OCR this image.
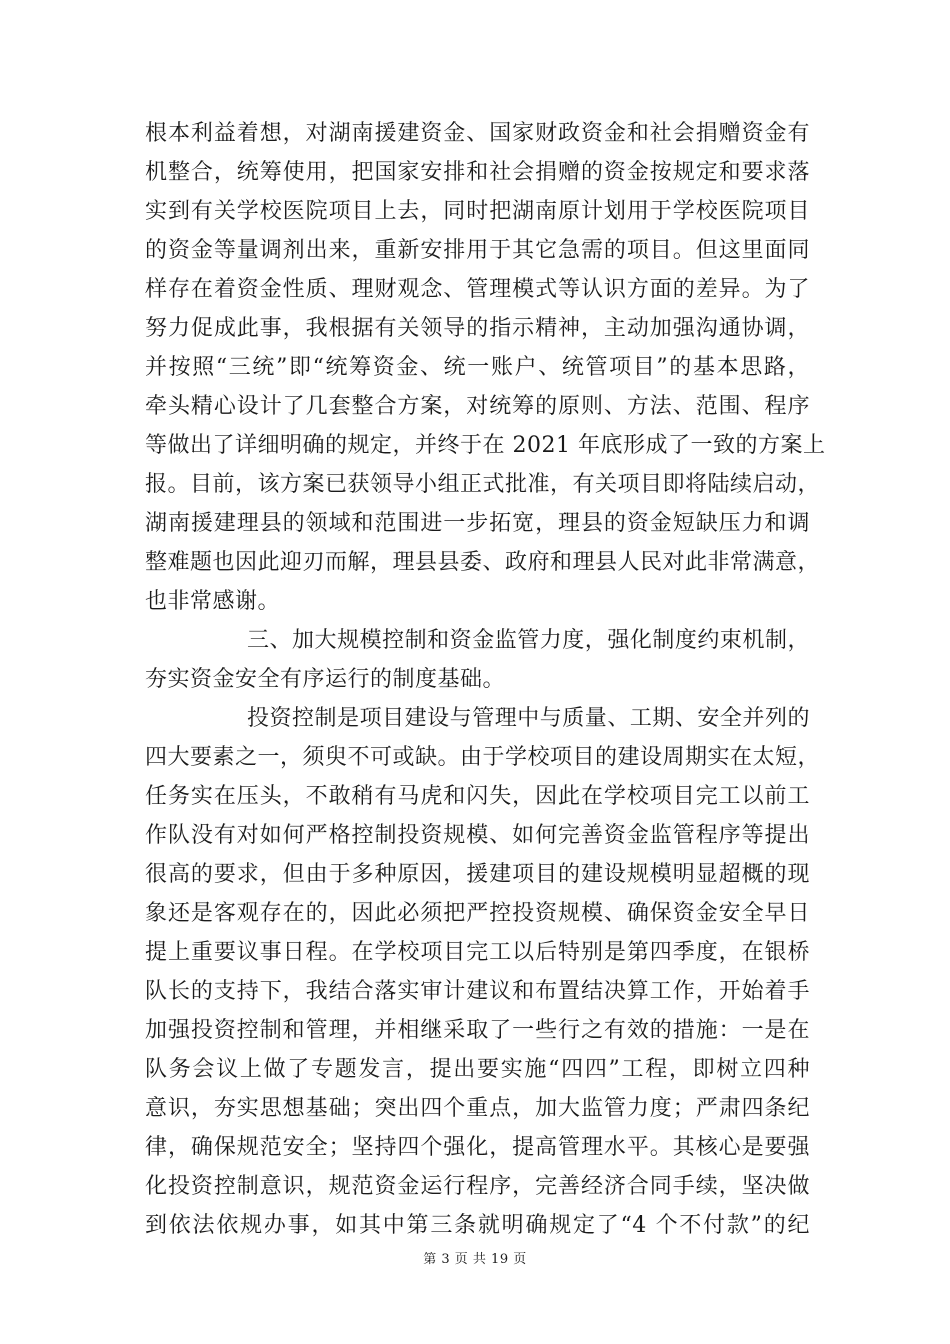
根本利益着想，对湖南援建资金、国家财政资金和社会捐赠资金有
机整合，统筹使用，把国家安排和社会捐赠的资金按规定和要求落
实到有关学校医院项目上去，同时把湖南原计划用于学校医院项目
的资金等量调剂出来，重新安排用于其它急需的项目。但这里面同
样存在着资金性质、理财观念、管理模式等认识方面的差异。为了
努力促成此事，我根据有关领导的指示精神，主动加强沟通协调，
并按照“三统”即“统筹资金、统一账户、统管项目”的基本思路，
牵头精心设计了几套整合方案，对统筹的原则、方法、范围、程序
等做出了详细明确的规定，并终于在 2021 年底形成了一致的方案上
报。目前，该方案已获领导小组正式批准，有关项目即将陆续启动，
湖南援建理县的领域和范围进一步拓宽，理县的资金短缺压力和调
整难题也因此迎刃而解，理县县委、政府和理县人民对此非常满意，
也非常感谢。
三、加大规模控制和资金监管力度，强化制度约束机制，
夯实资金安全有序运行的制度基础。
投资控制是项目建设与管理中与质量、工期、安全并列的
四大要素之一，须臾不可或缺。由于学校项目的建设周期实在太短，
任务实在压头，不敢稍有马虎和闪失，因此在学校项目完工以前工
作队没有对如何严格控制投资规模、如何完善资金监管程序等提出
很高的要求，但由于多种原因，援建项目的建设规模明显超概的现
象还是客观存在的，因此必须把严控投资规模、确保资金安全早日
提上重要议事日程。在学校项目完工以后特别是第四季度，在银桥
队长的支持下，我结合落实审计建议和布置结决算工作，开始着手
加强投资控制和管理，并相继采取了一些行之有效的措施：一是在
队务会议上做了专题发言，提出要实施“四四”工程，即树立四种
意识，夯实思想基础；突出四个重点，加大监管力度；严肃四条纪
律，确保规范安全；坚持四个强化，提高管理水平。其核心是要强
化投资控制意识，规范资金运行程序，完善经济合同手续，坚决做
到依法依规办事，如其中第三条就明确规定了“4 个不付款”的纪
第 3 页 共 19 页
